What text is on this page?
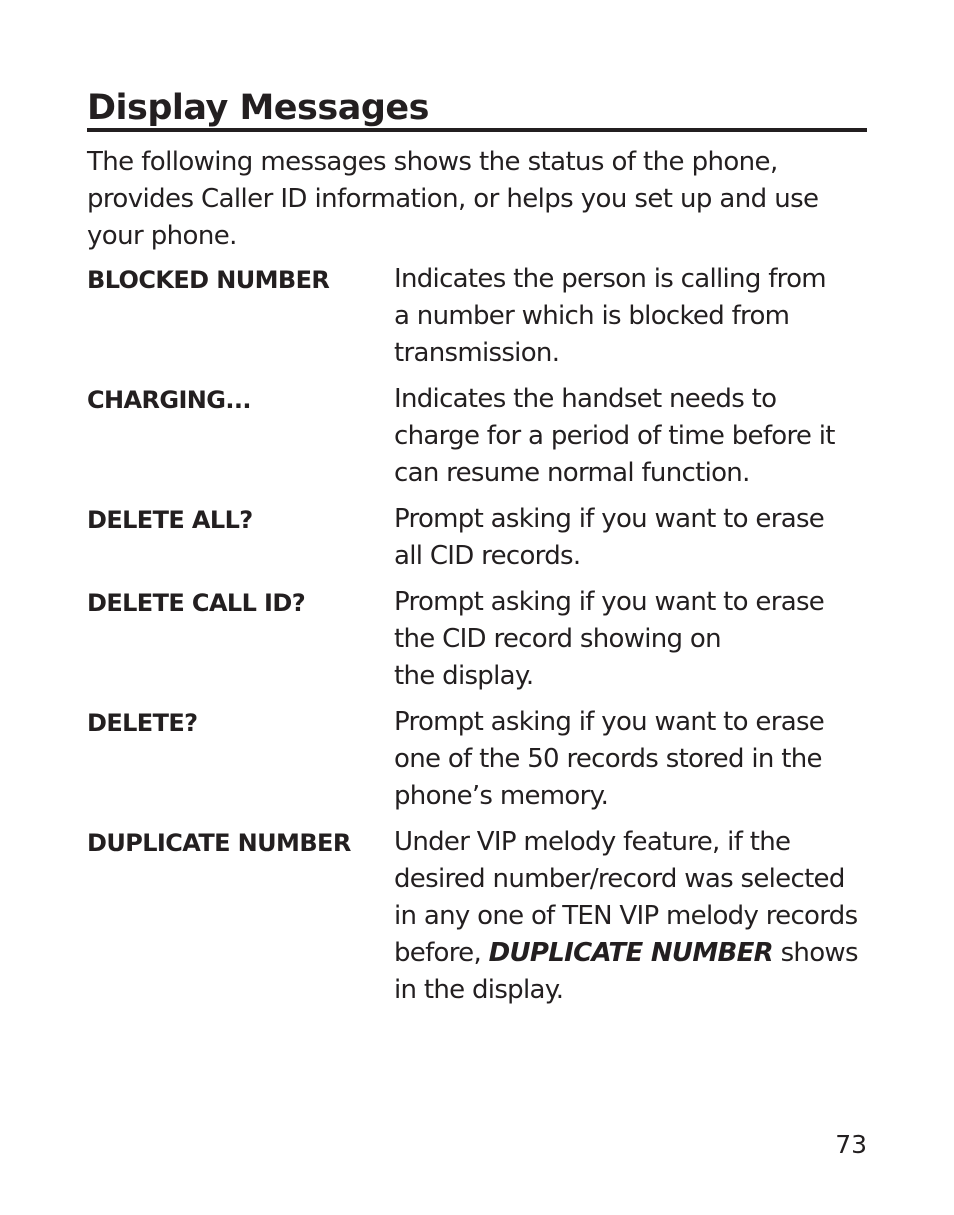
Display Messages

The following messages shows the status of the phone, provides Caller ID information, or helps you set up and use your phone.

BLOCKED NUMBER	Indicates the person is calling from
a number which is blocked from
transmission.
CHARGING...	Indicates the handset needs to
charge for a period of time before it
can resume normal function.
DELETE ALL?	Prompt asking if you want to erase
all CID records.
DELETE CALL ID?	Prompt asking if you want to erase
the CID record showing on
the display.
DELETE?	Prompt asking if you want to erase
one of the 50 records stored in the
phone’s memory.
DUPLICATE NUMBER	Under VIP melody feature, if the
desired number/record was selected
in any one of TEN VIP melody records
before, DUPLICATE NUMBER shows
in the display.
73
